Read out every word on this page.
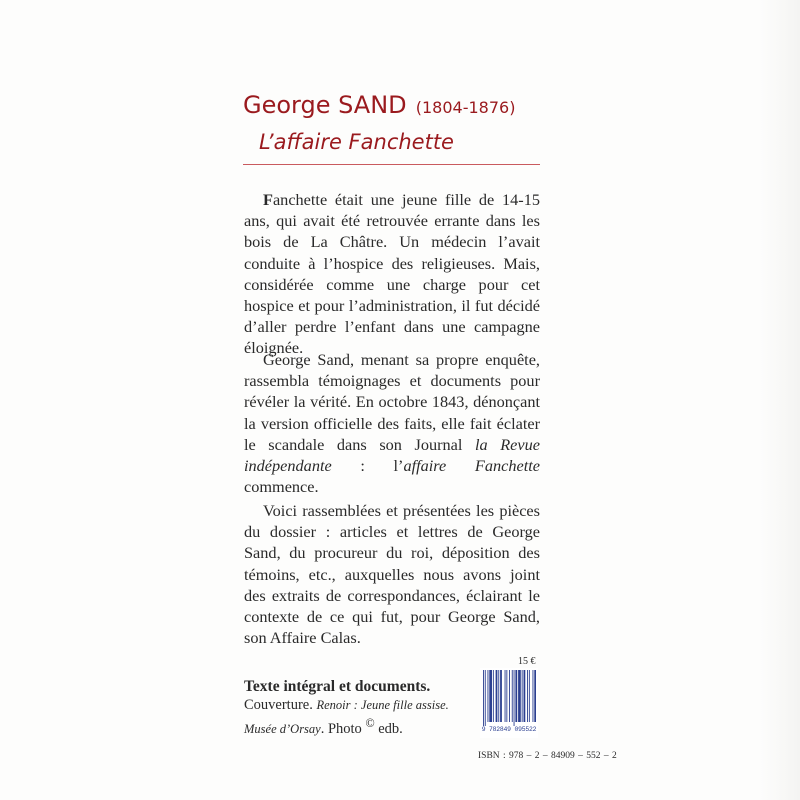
George SAND (1804-1876)
L’affaire Fanchette

Fanchette était une jeune fille de 14-15 ans, qui avait été retrouvée errante dans les bois de La Châtre. Un médecin l’avait conduite à l’hospice des religieuses. Mais, considérée comme une charge pour cet hospice et pour l’administration, il fut décidé d’aller perdre l’enfant dans une campagne éloignée.

George Sand, menant sa propre enquête, rassembla témoignages et documents pour révéler la vérité. En octobre 1843, dénonçant la version officielle des faits, elle fait éclater le scandale dans son Journal la Revue indépendante : l’affaire Fanchette commence.

Voici rassemblées et présentées les pièces du dossier : articles et lettres de George Sand, du procureur du roi, déposition des témoins, etc., auxquelles nous avons joint des extraits de correspondances, éclairant le contexte de ce qui fut, pour George Sand, son Affaire Calas.

Texte intégral et documents.
Couverture. Renoir : Jeune fille assise.
Musée d’Orsay. Photo © edb.
15 €
9 782849 095522
ISBN : 978 – 2 – 84909 – 552 – 2
